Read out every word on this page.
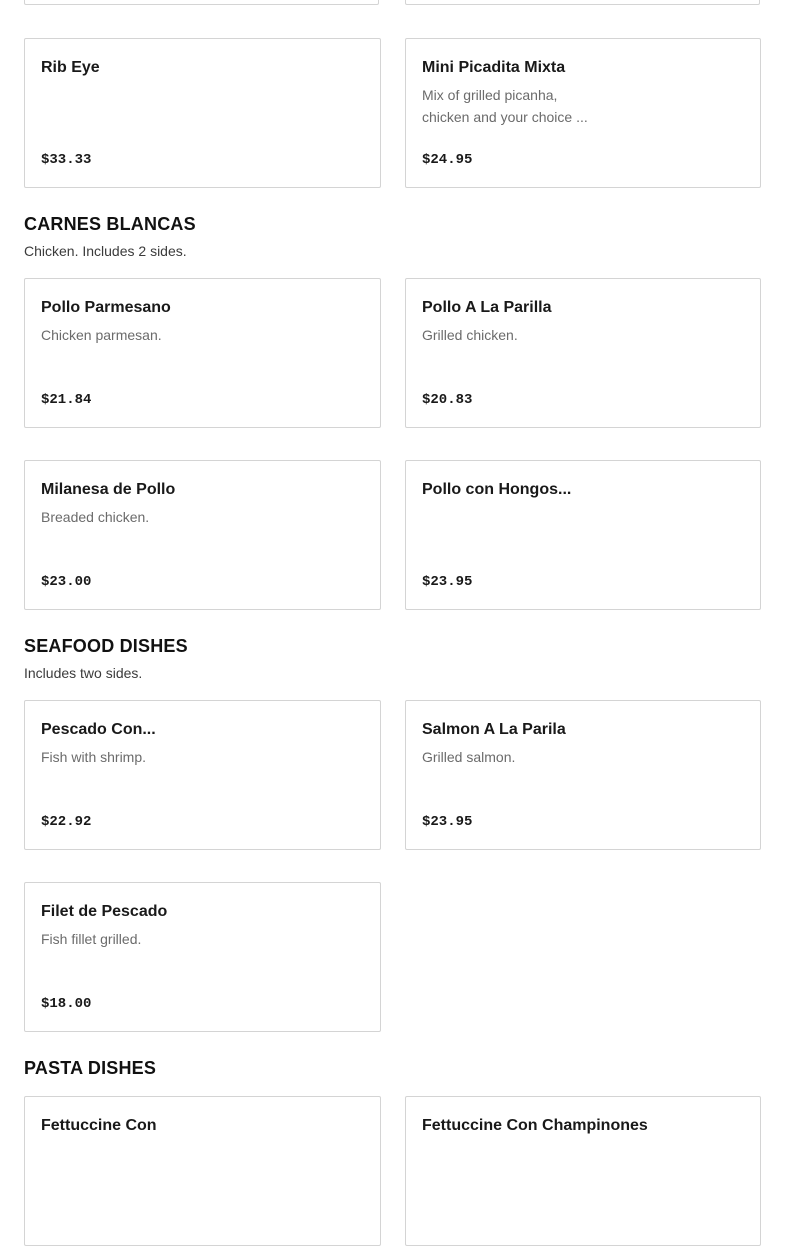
Rib Eye
$33.33
Mini Picadita Mixta
Mix of grilled picanha, chicken and your choice ...
$24.95
CARNES BLANCAS
Chicken. Includes 2 sides.
Pollo Parmesano
Chicken parmesan.
$21.84
Pollo A La Parilla
Grilled chicken.
$20.83
Milanesa de Pollo
Breaded chicken.
$23.00
Pollo con Hongos...
$23.95
SEAFOOD DISHES
Includes two sides.
Pescado Con...
Fish with shrimp.
$22.92
Salmon A La Parila
Grilled salmon.
$23.95
Filet de Pescado
Fish fillet grilled.
$18.00
PASTA DISHES
Fettuccine Con	Fettuccine Con Champinones
